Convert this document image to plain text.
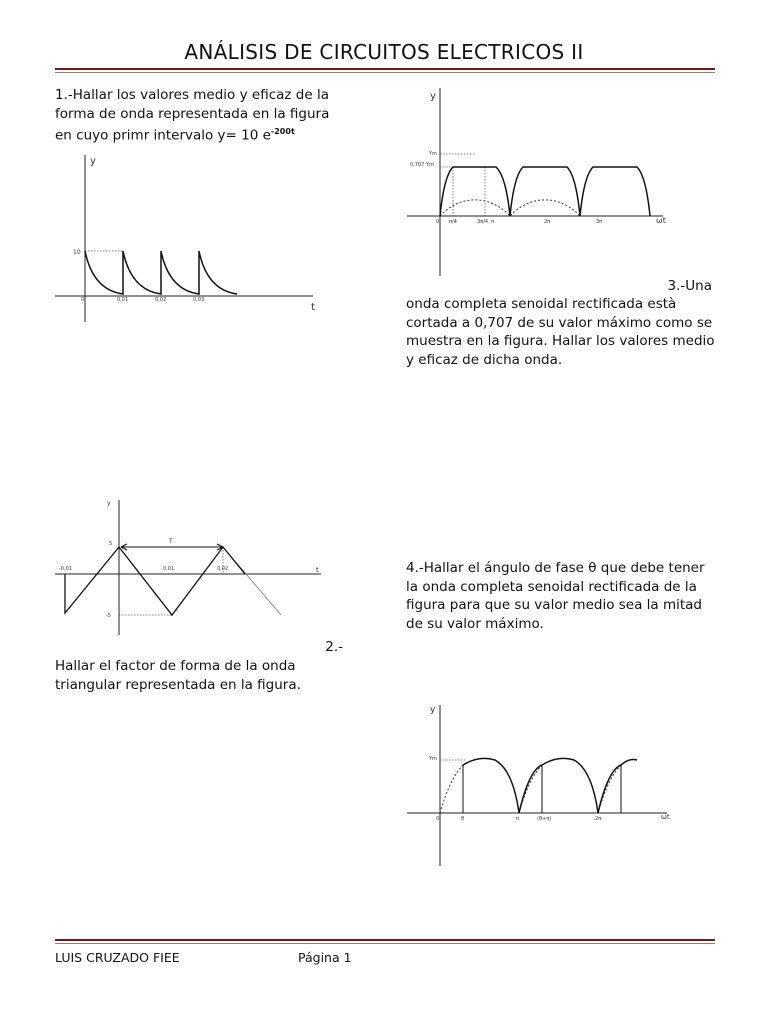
ANÁLISIS DE CIRCUITOS ELECTRICOS II
1.-Hallar los valores medio y eficaz de la forma de onda representada en la figura en cuyo primr intervalo y= 10 $e^{-200t}$
y
t
10
0	0,01	0,02	0,03
y
ωt
Ym
0,707 Ym
0 π/4	3π/4 π	2π	3π
3.-Una
onda completa senoidal rectificada està cortada a 0,707 de su valor máximo como se muestra en la figura. Hallar los valores medio y eficaz de dicha onda.
y
t
T
5
-5
-0,01	0,01	0,02
2.-
Hallar el factor de forma de la onda triangular representada en la figura.
4.-Hallar el ángulo de fase θ que debe tener la onda completa senoidal rectificada de la figura para que su valor medio sea la mitad de su valor máximo.
y
ωt
Ym
0	θ	π	(θ+π)	2π
LUIS CRUZADO FIEE	Página 1
